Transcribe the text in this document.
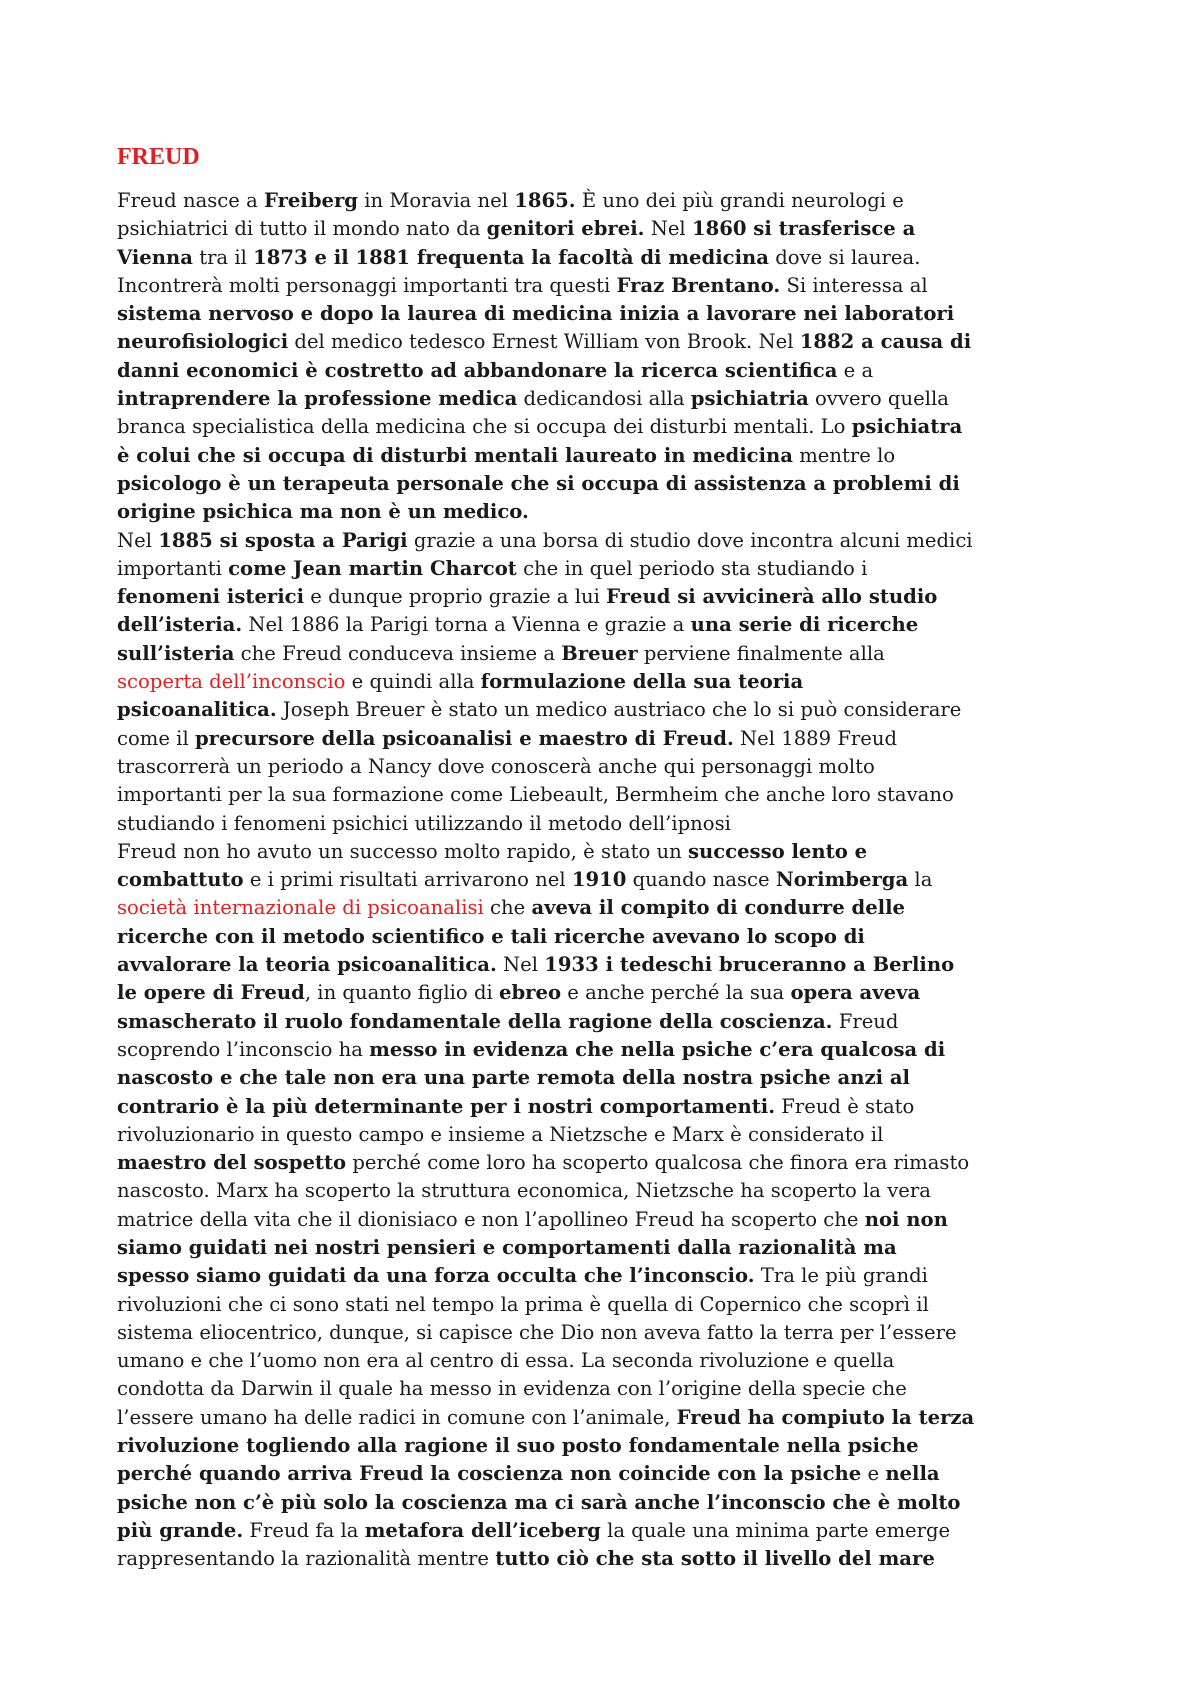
FREUD
Freud nasce a Freiberg in Moravia nel 1865. È uno dei più grandi neurologi e
psichiatrici di tutto il mondo nato da genitori ebrei. Nel 1860 si trasferisce a
Vienna tra il 1873 e il 1881 frequenta la facoltà di medicina dove si laurea.
Incontrerà molti personaggi importanti tra questi Fraz Brentano. Si interessa al
sistema nervoso e dopo la laurea di medicina inizia a lavorare nei laboratori
neurofisiologici del medico tedesco Ernest William von Brook. Nel 1882 a causa di
danni economici è costretto ad abbandonare la ricerca scientifica e a
intraprendere la professione medica dedicandosi alla psichiatria ovvero quella
branca specialistica della medicina che si occupa dei disturbi mentali. Lo psichiatra
è colui che si occupa di disturbi mentali laureato in medicina mentre lo
psicologo è un terapeuta personale che si occupa di assistenza a problemi di
origine psichica ma non è un medico.
Nel 1885 si sposta a Parigi grazie a una borsa di studio dove incontra alcuni medici
importanti come Jean martin Charcot che in quel periodo sta studiando i
fenomeni isterici e dunque proprio grazie a lui Freud si avvicinerà allo studio
dell’isteria. Nel 1886 la Parigi torna a Vienna e grazie a una serie di ricerche
sull’isteria che Freud conduceva insieme a Breuer perviene finalmente alla
scoperta dell’inconscio e quindi alla formulazione della sua teoria
psicoanalitica. Joseph Breuer è stato un medico austriaco che lo si può considerare
come il precursore della psicoanalisi e maestro di Freud. Nel 1889 Freud
trascorrerà un periodo a Nancy dove conoscerà anche qui personaggi molto
importanti per la sua formazione come Liebeault, Bermheim che anche loro stavano
studiando i fenomeni psichici utilizzando il metodo dell’ipnosi
Freud non ho avuto un successo molto rapido, è stato un successo lento e
combattuto e i primi risultati arrivarono nel 1910 quando nasce Norimberga la
società internazionale di psicoanalisi che aveva il compito di condurre delle
ricerche con il metodo scientifico e tali ricerche avevano lo scopo di
avvalorare la teoria psicoanalitica. Nel 1933 i tedeschi bruceranno a Berlino
le opere di Freud, in quanto figlio di ebreo e anche perché la sua opera aveva
smascherato il ruolo fondamentale della ragione della coscienza. Freud
scoprendo l’inconscio ha messo in evidenza che nella psiche c’era qualcosa di
nascosto e che tale non era una parte remota della nostra psiche anzi al
contrario è la più determinante per i nostri comportamenti. Freud è stato
rivoluzionario in questo campo e insieme a Nietzsche e Marx è considerato il
maestro del sospetto perché come loro ha scoperto qualcosa che finora era rimasto
nascosto. Marx ha scoperto la struttura economica, Nietzsche ha scoperto la vera
matrice della vita che il dionisiaco e non l’apollineo Freud ha scoperto che noi non
siamo guidati nei nostri pensieri e comportamenti dalla razionalità ma
spesso siamo guidati da una forza occulta che l’inconscio. Tra le più grandi
rivoluzioni che ci sono stati nel tempo la prima è quella di Copernico che scoprì il
sistema eliocentrico, dunque, si capisce che Dio non aveva fatto la terra per l’essere
umano e che l’uomo non era al centro di essa. La seconda rivoluzione e quella
condotta da Darwin il quale ha messo in evidenza con l’origine della specie che
l’essere umano ha delle radici in comune con l’animale, Freud ha compiuto la terza
rivoluzione togliendo alla ragione il suo posto fondamentale nella psiche
perché quando arriva Freud la coscienza non coincide con la psiche e nella
psiche non c’è più solo la coscienza ma ci sarà anche l’inconscio che è molto
più grande. Freud fa la metafora dell’iceberg la quale una minima parte emerge
rappresentando la razionalità mentre tutto ciò che sta sotto il livello del mare
